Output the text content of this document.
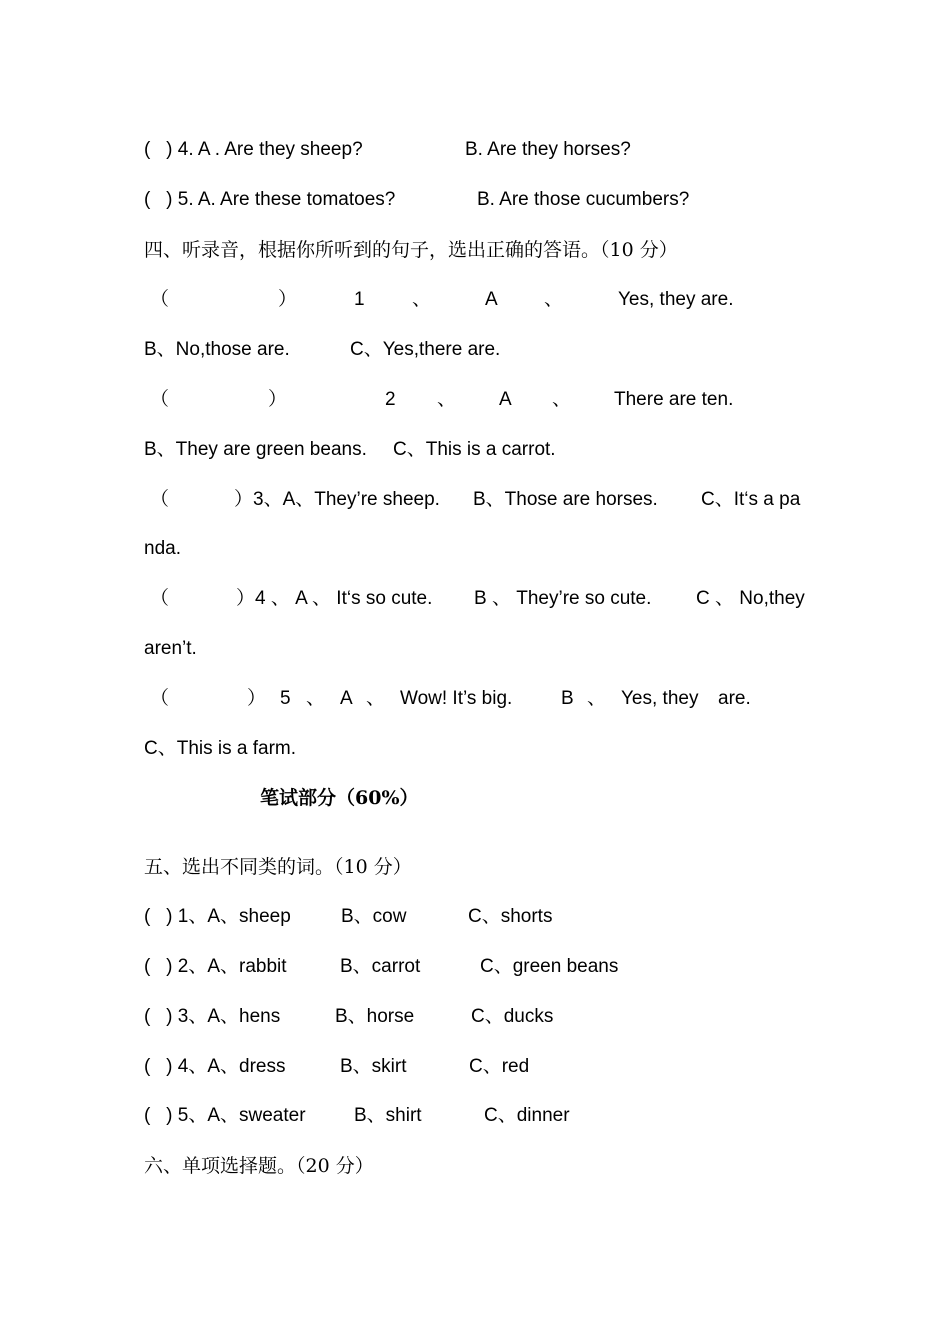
(   ) 4. A . Are they sheep?

	B. Are they horses?

(   ) 5. A. Are these tomatoes?

	B. Are those cucumbers?

四、听录音，根据你所听到的句子，选出正确的答语。（10 分）

（

	）

	1

、

	A

、

	Yes, they are.

B、No,those are.

	C、Yes,there are.

（

	）

	2

、

A

、

There are ten.

B、They are green beans.

C、This is a carrot.

（

	）3、A、They’re sheep.

B、Those are horses.

C、It‘s a pa

nda.

（

	）4 、 A 、 It‘s so cute.

B 、 They’re so cute.

C 、 No,they

aren’t.

（

	）

5

、

A

、

Wow! It’s big.

	B

、

Yes, they

are.

C、This is a farm.
笔试部分（60%）
五、选出不同类的词。（10 分）

(   ) 1、A、sheep

	B、cow

	C、shorts

(   ) 2、A、rabbit

	B、carrot

	C、green beans

(   ) 3、A、hens

	B、horse

	C、ducks

(   ) 4、A、dress

	B、skirt

	C、red

(   ) 5、A、sweater

	B、shirt

	C、dinner

六、单项选择题。（20 分）
